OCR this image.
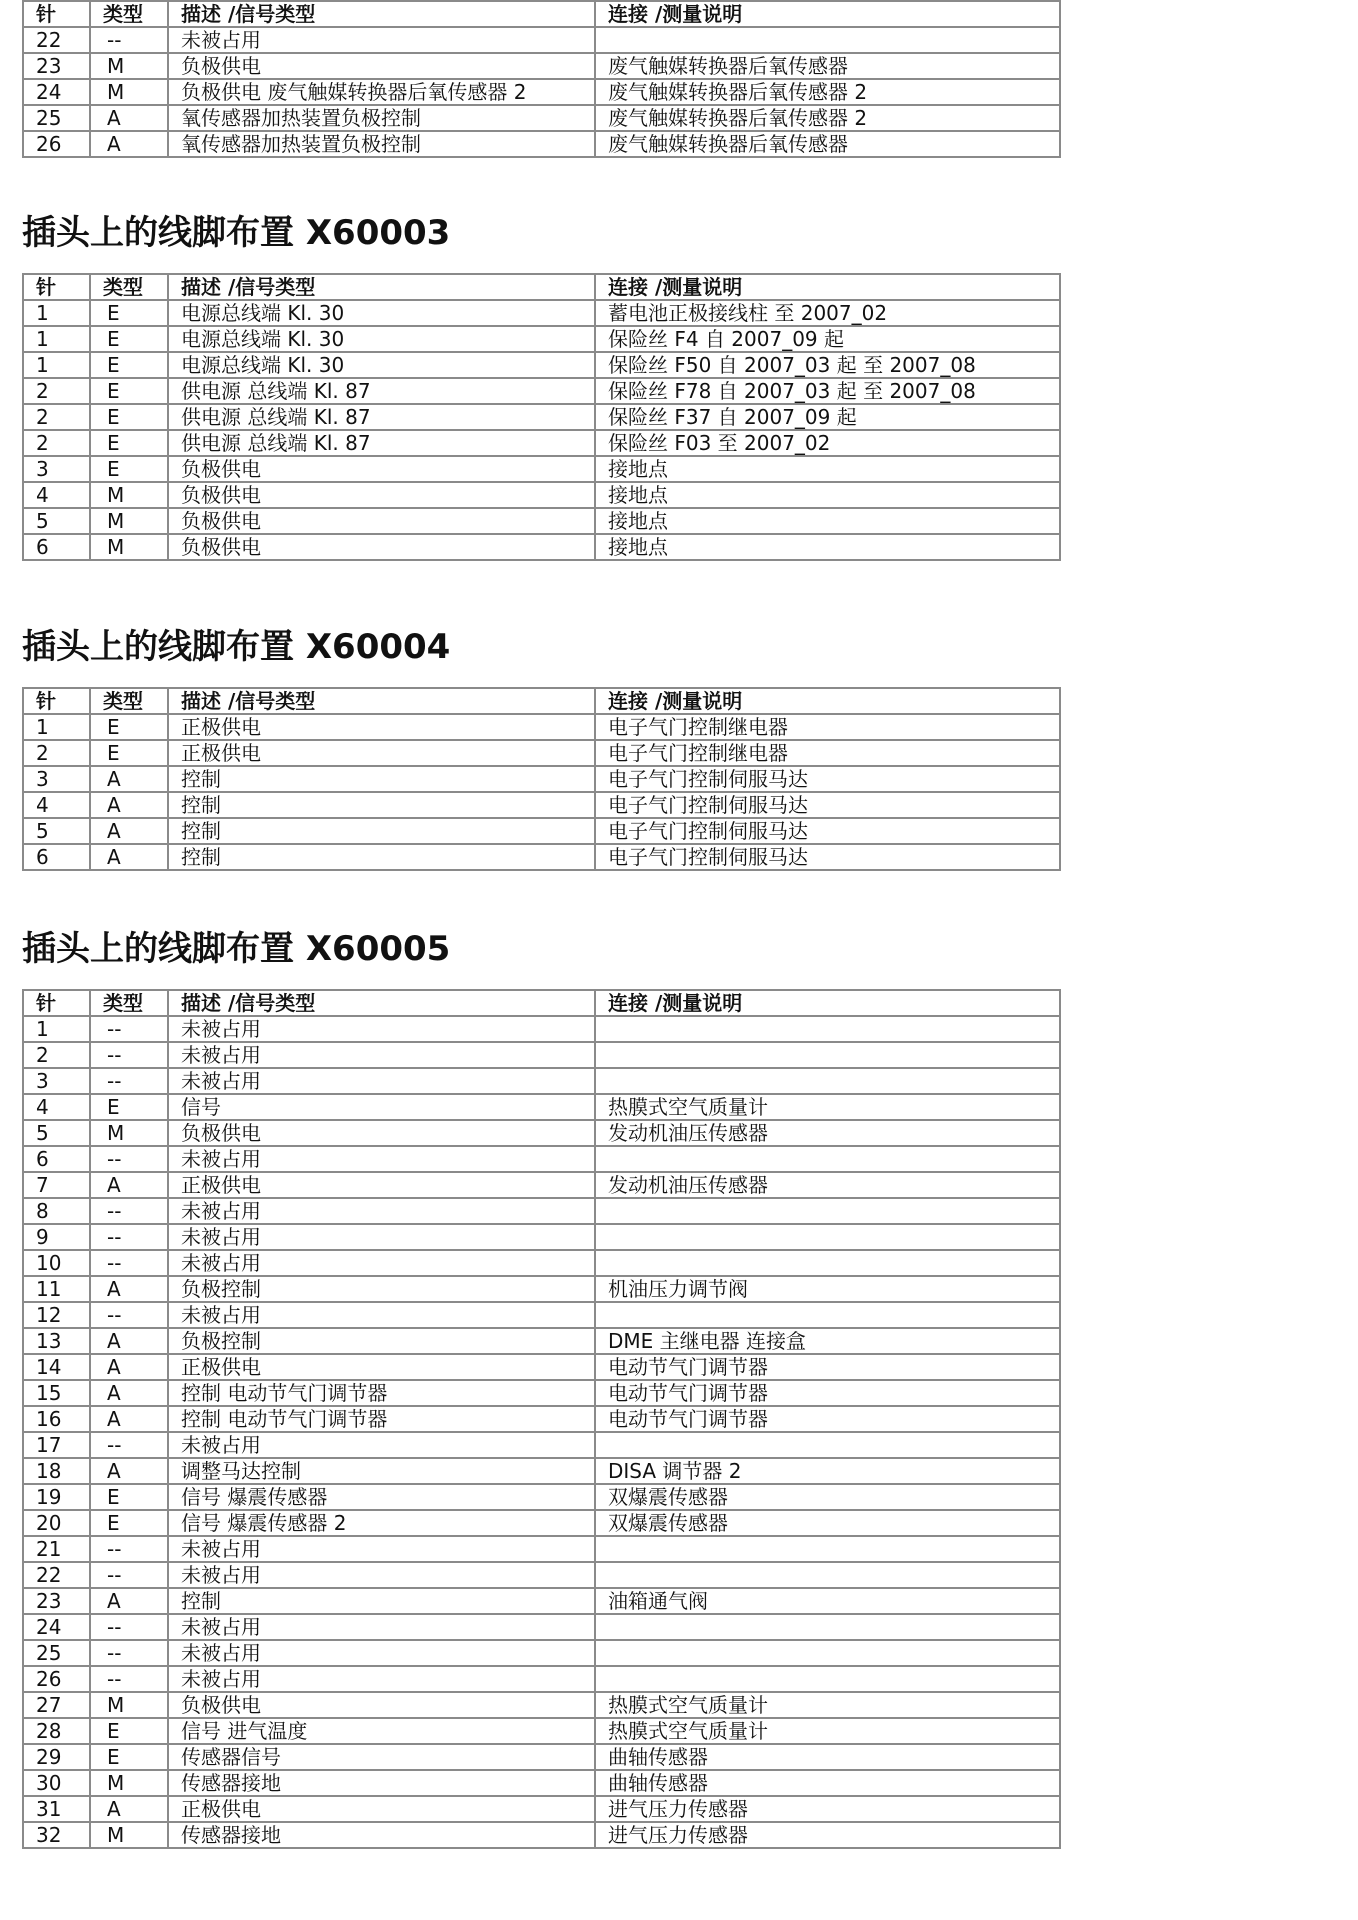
针	类型	描述 /信号类型	连接 /测量说明
22	--	未被占用	
23	M	负极供电	废气触媒转换器后氧传感器
24	M	负极供电 废气触媒转换器后氧传感器 2	废气触媒转换器后氧传感器 2
25	A	氧传感器加热装置负极控制	废气触媒转换器后氧传感器 2
26	A	氧传感器加热装置负极控制	废气触媒转换器后氧传感器
插头上的线脚布置 X60003
针	类型	描述 /信号类型	连接 /测量说明
1	E	电源总线端 Kl. 30	蓄电池正极接线柱 至 2007_02
1	E	电源总线端 Kl. 30	保险丝 F4 自 2007_09 起
1	E	电源总线端 Kl. 30	保险丝 F50 自 2007_03 起 至 2007_08
2	E	供电源 总线端 Kl. 87	保险丝 F78 自 2007_03 起 至 2007_08
2	E	供电源 总线端 Kl. 87	保险丝 F37 自 2007_09 起
2	E	供电源 总线端 Kl. 87	保险丝 F03 至 2007_02
3	E	负极供电	接地点
4	M	负极供电	接地点
5	M	负极供电	接地点
6	M	负极供电	接地点
插头上的线脚布置 X60004
针	类型	描述 /信号类型	连接 /测量说明
1	E	正极供电	电子气门控制继电器
2	E	正极供电	电子气门控制继电器
3	A	控制	电子气门控制伺服马达
4	A	控制	电子气门控制伺服马达
5	A	控制	电子气门控制伺服马达
6	A	控制	电子气门控制伺服马达
插头上的线脚布置 X60005
针	类型	描述 /信号类型	连接 /测量说明
1	--	未被占用	
2	--	未被占用	
3	--	未被占用	
4	E	信号	热膜式空气质量计
5	M	负极供电	发动机油压传感器
6	--	未被占用	
7	A	正极供电	发动机油压传感器
8	--	未被占用	
9	--	未被占用	
10	--	未被占用	
11	A	负极控制	机油压力调节阀
12	--	未被占用	
13	A	负极控制	DME 主继电器 连接盒
14	A	正极供电	电动节气门调节器
15	A	控制 电动节气门调节器	电动节气门调节器
16	A	控制 电动节气门调节器	电动节气门调节器
17	--	未被占用	
18	A	调整马达控制	DISA 调节器 2
19	E	信号 爆震传感器	双爆震传感器
20	E	信号 爆震传感器 2	双爆震传感器
21	--	未被占用	
22	--	未被占用	
23	A	控制	油箱通气阀
24	--	未被占用	
25	--	未被占用	
26	--	未被占用	
27	M	负极供电	热膜式空气质量计
28	E	信号 进气温度	热膜式空气质量计
29	E	传感器信号	曲轴传感器
30	M	传感器接地	曲轴传感器
31	A	正极供电	进气压力传感器
32	M	传感器接地	进气压力传感器
